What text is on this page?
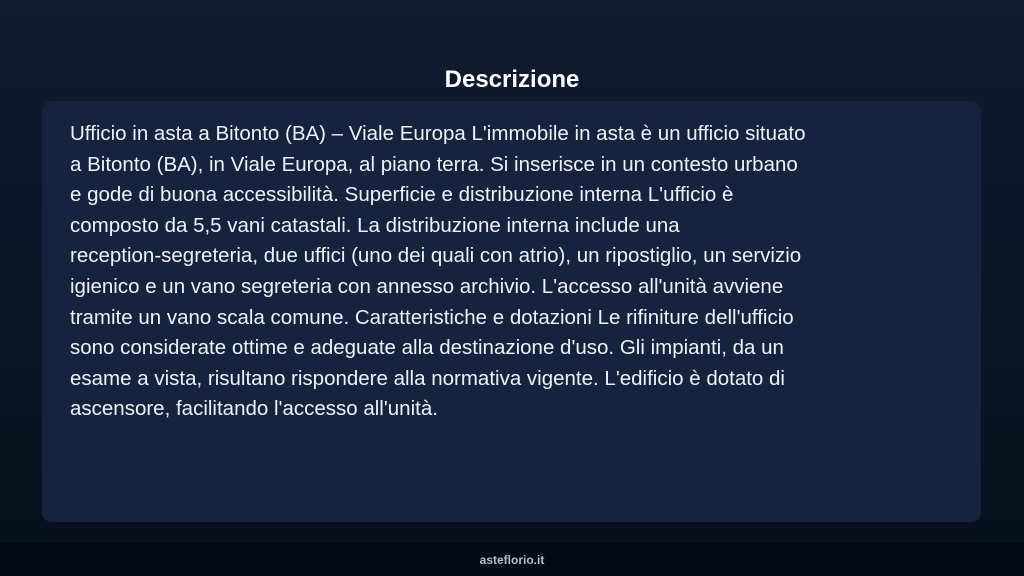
Descrizione

Ufficio in asta a Bitonto (BA) – Viale Europa L'immobile in asta è un ufficio situato
a Bitonto (BA), in Viale Europa, al piano terra. Si inserisce in un contesto urbano
e gode di buona accessibilità. Superficie e distribuzione interna L'ufficio è
composto da 5,5 vani catastali. La distribuzione interna include una
reception-segreteria, due uffici (uno dei quali con atrio), un ripostiglio, un servizio
igienico e un vano segreteria con annesso archivio. L'accesso all'unità avviene
tramite un vano scala comune. Caratteristiche e dotazioni Le rifiniture dell'ufficio
sono considerate ottime e adeguate alla destinazione d'uso. Gli impianti, da un
esame a vista, risultano rispondere alla normativa vigente. L'edificio è dotato di
ascensore, facilitando l'accesso all'unità.

asteflorio.it
